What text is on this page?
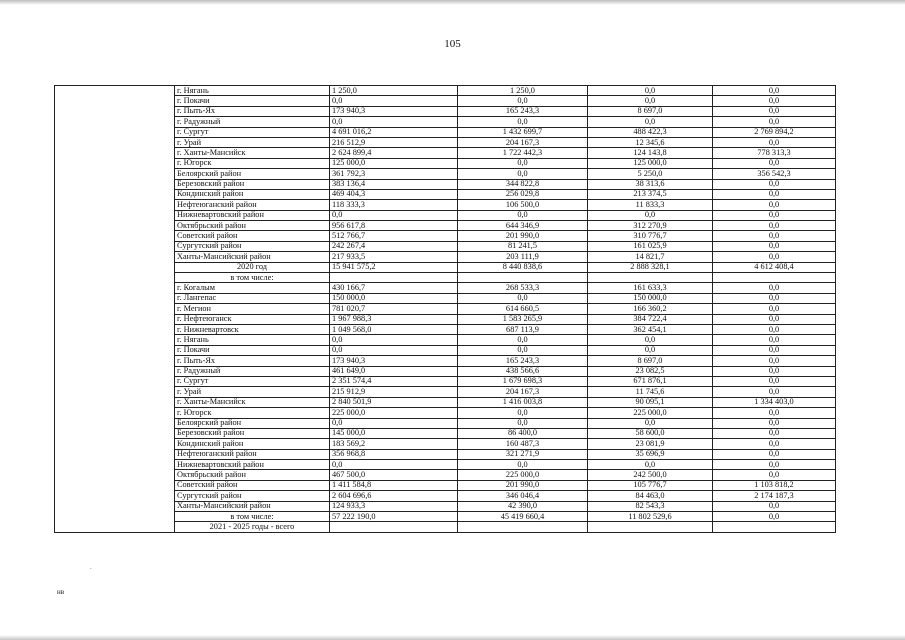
105
	г. Нягань	1 250,0	1 250,0	0,0	0,0
	г. Покачи	0,0	0,0	0,0	0,0
	г. Пыть-Ях	173 940,3	165 243,3	8 697,0	0,0
	г. Радужный	0,0	0,0	0,0	0,0
	г. Сургут	4 691 016,2	1 432 699,7	488 422,3	2 769 894,2
	г. Урай	216 512,9	204 167,3	12 345,6	0,0
	г. Ханты-Мансийск	2 624 899,4	1 722 442,3	124 143,8	778 313,3
	г. Югорск	125 000,0	0,0	125 000,0	0,0
	Белоярский район	361 792,3	0,0	5 250,0	356 542,3
	Березовский район	383 136,4	344 822,8	38 313,6	0,0
	Кондинский район	469 404,3	256 029,8	213 374,5	0,0
	Нефтеюганский район	118 333,3	106 500,0	11 833,3	0,0
	Нижневартовский район	0,0	0,0	0,0	0,0
	Октябрьский район	956 617,8	644 346,9	312 270,9	0,0
	Советский район	512 766,7	201 990,0	310 776,7	0,0
	Сургутский район	242 267,4	81 241,5	161 025,9	0,0
	Ханты-Мансийский район	217 933,5	203 111,9	14 821,7	0,0
	2020 год	15 941 575,2	8 440 838,6	2 888 328,1	4 612 408,4
	в том числе:				
	г. Когалым	430 166,7	268 533,3	161 633,3	0,0
	г. Лангепас	150 000,0	0,0	150 000,0	0,0
	г. Мегион	781 020,7	614 660,5	166 360,2	0,0
	г. Нефтеюганск	1 967 988,3	1 583 265,9	384 722,4	0,0
	г. Нижневартовск	1 049 568,0	687 113,9	362 454,1	0,0
	г. Нягань	0,0	0,0	0,0	0,0
	г. Покачи	0,0	0,0	0,0	0,0
	г. Пыть-Ях	173 940,3	165 243,3	8 697,0	0,0
	г. Радужный	461 649,0	438 566,6	23 082,5	0,0
	г. Сургут	2 351 574,4	1 679 698,3	671 876,1	0,0
	г. Урай	215 912,9	204 167,3	11 745,6	0,0
	г. Ханты-Мансийск	2 840 501,9	1 416 003,8	90 095,1	1 334 403,0
	г. Югорск	225 000,0	0,0	225 000,0	0,0
	Белоярский район	0,0	0,0	0,0	0,0
	Березовский район	145 000,0	86 400,0	58 600,0	0,0
	Кондинский район	183 569,2	160 487,3	23 081,9	0,0
	Нефтеюганский район	356 968,8	321 271,9	35 696,9	0,0
	Нижневартовский район	0,0	0,0	0,0	0,0
	Октябрьский район	467 500,0	225 000,0	242 500,0	0,0
	Советский район	1 411 584,8	201 990,0	105 776,7	1 103 818,2
	Сургутский район	2 604 696,6	346 046,4	84 463,0	2 174 187,3
	Ханты-Мансийский район	124 933,3	42 390,0	82 543,3	0,0
	в том числе:	57 222 190,0	45 419 660,4	11 802 529,6	0,0
	2021 - 2025 годы - всего				
.
нв
